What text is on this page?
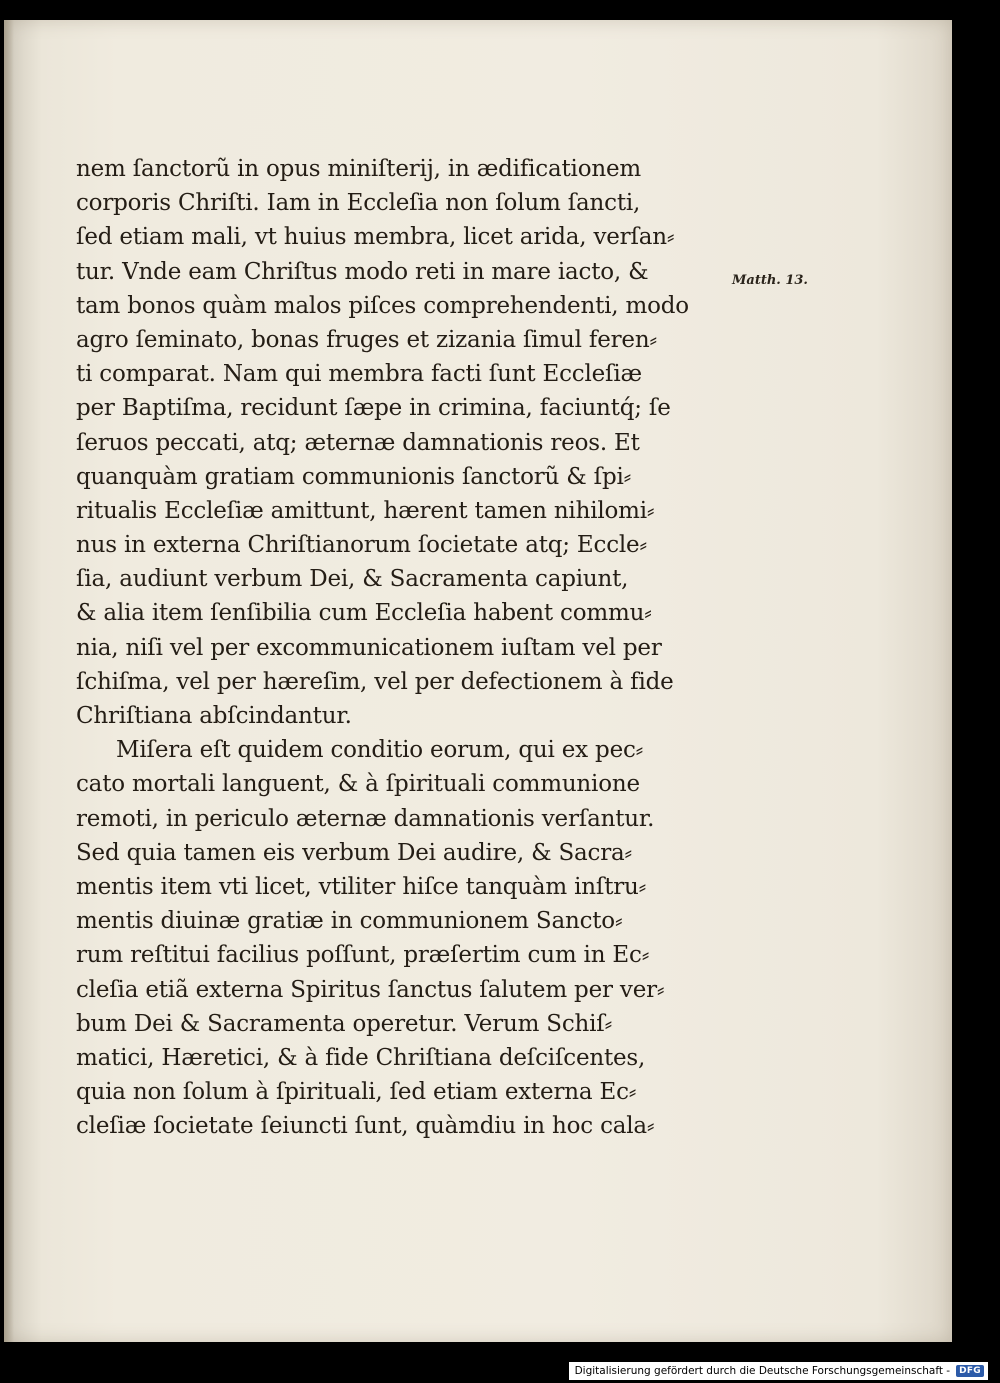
nem ſanctorũ in opus miniſterij, in ædificationem
corporis Chriſti. Iam in Eccleſia non ſolum ſancti,
ſed etiam mali, vt huius membra, licet arida, verſan⸗
tur. Vnde eam Chriſtus modo reti in mare iacto, &
tam bonos quàm malos piſces comprehendenti, modo
agro ſeminato, bonas fruges et zizania ſimul feren⸗
ti comparat. Nam qui membra facti ſunt Eccleſiæ
per Baptiſma, recidunt ſæpe in crimina, faciuntq́; ſe
ſeruos peccati, atq; æternæ damnationis reos. Et
quanquàm gratiam communionis ſanctorũ & ſpi⸗
ritualis Eccleſiæ amittunt, hærent tamen nihilomi⸗
nus in externa Chriſtianorum ſocietate atq; Eccle⸗
ſia, audiunt verbum Dei, & Sacramenta capiunt,
& alia item ſenſibilia cum Eccleſia habent commu⸗
nia, niſi vel per excommunicationem iuſtam vel per
ſchiſma, vel per hæreſim, vel per defectionem à fide
Chriſtiana abſcindantur.
Miſera eſt quidem conditio eorum, qui ex pec⸗
cato mortali languent, & à ſpirituali communione
remoti, in periculo æternæ damnationis verſantur.
Sed quia tamen eis verbum Dei audire, & Sacra⸗
mentis item vti licet, vtiliter hiſce tanquàm inſtru⸗
mentis diuinæ gratiæ in communionem Sancto⸗
rum reſtitui facilius poſſunt, præſertim cum in Ec⸗
cleſia etiã externa Spiritus ſanctus ſalutem per ver⸗
bum Dei & Sacramenta operetur. Verum Schiſ⸗
matici, Hæretici, & à fide Chriſtiana deſciſcentes,
quia non ſolum à ſpirituali, ſed etiam externa Ec⸗
cleſiæ ſocietate ſeiuncti ſunt, quàmdiu in hoc cala⸗
Matth. 13.
Digitalisierung gefördert durch die Deutsche Forschungsgemeinschaft -	DFG
